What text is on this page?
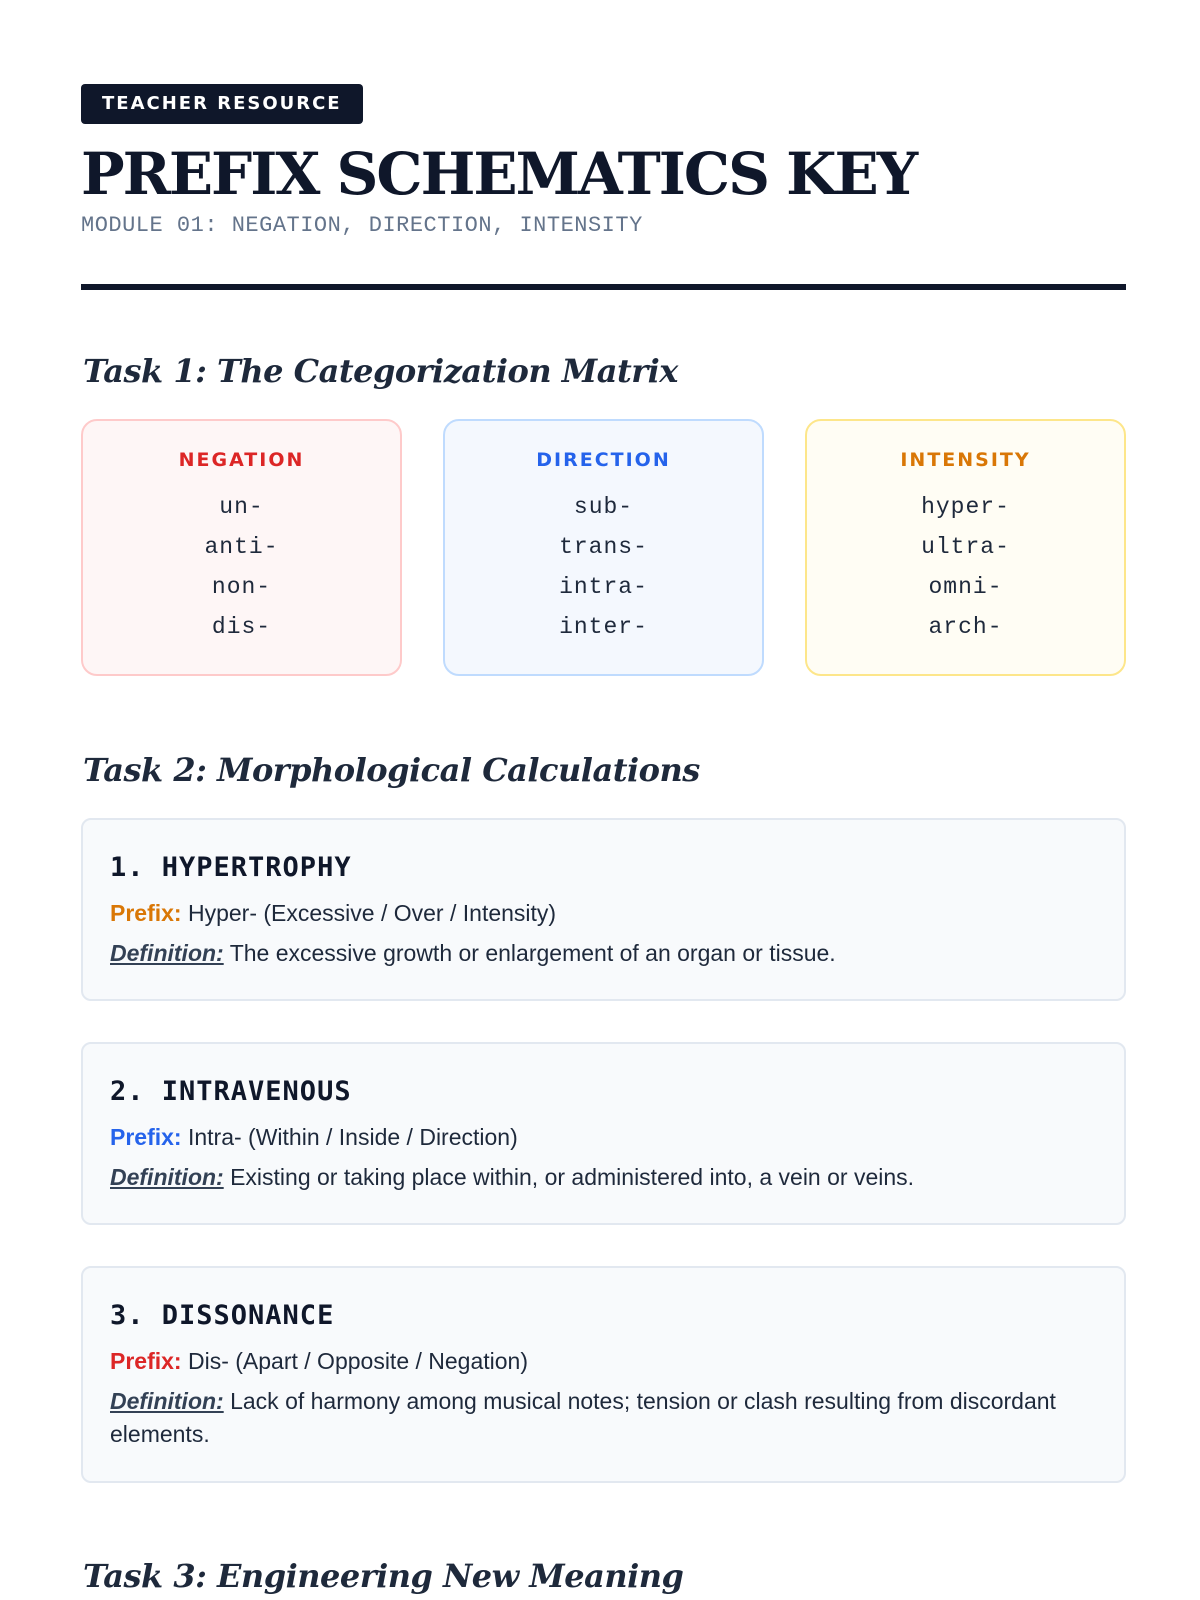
TEACHER RESOURCE
PREFIX SCHEMATICS KEY
MODULE 01: NEGATION, DIRECTION, INTENSITY
Task 1: The Categorization Matrix
NEGATION
un-
anti-
non-
dis-
DIRECTION
sub-
trans-
intra-
inter-
INTENSITY
hyper-
ultra-
omni-
arch-
Task 2: Morphological Calculations
1. HYPERTROPHY
Prefix: Hyper- (Excessive / Over / Intensity)
Definition: The excessive growth or enlargement of an organ or tissue.
2. INTRAVENOUS
Prefix: Intra- (Within / Inside / Direction)
Definition: Existing or taking place within, or administered into, a vein or veins.
3. DISSONANCE
Prefix: Dis- (Apart / Opposite / Negation)
Definition: Lack of harmony among musical notes; tension or clash resulting from discordant elements.
Task 3: Engineering New Meaning
